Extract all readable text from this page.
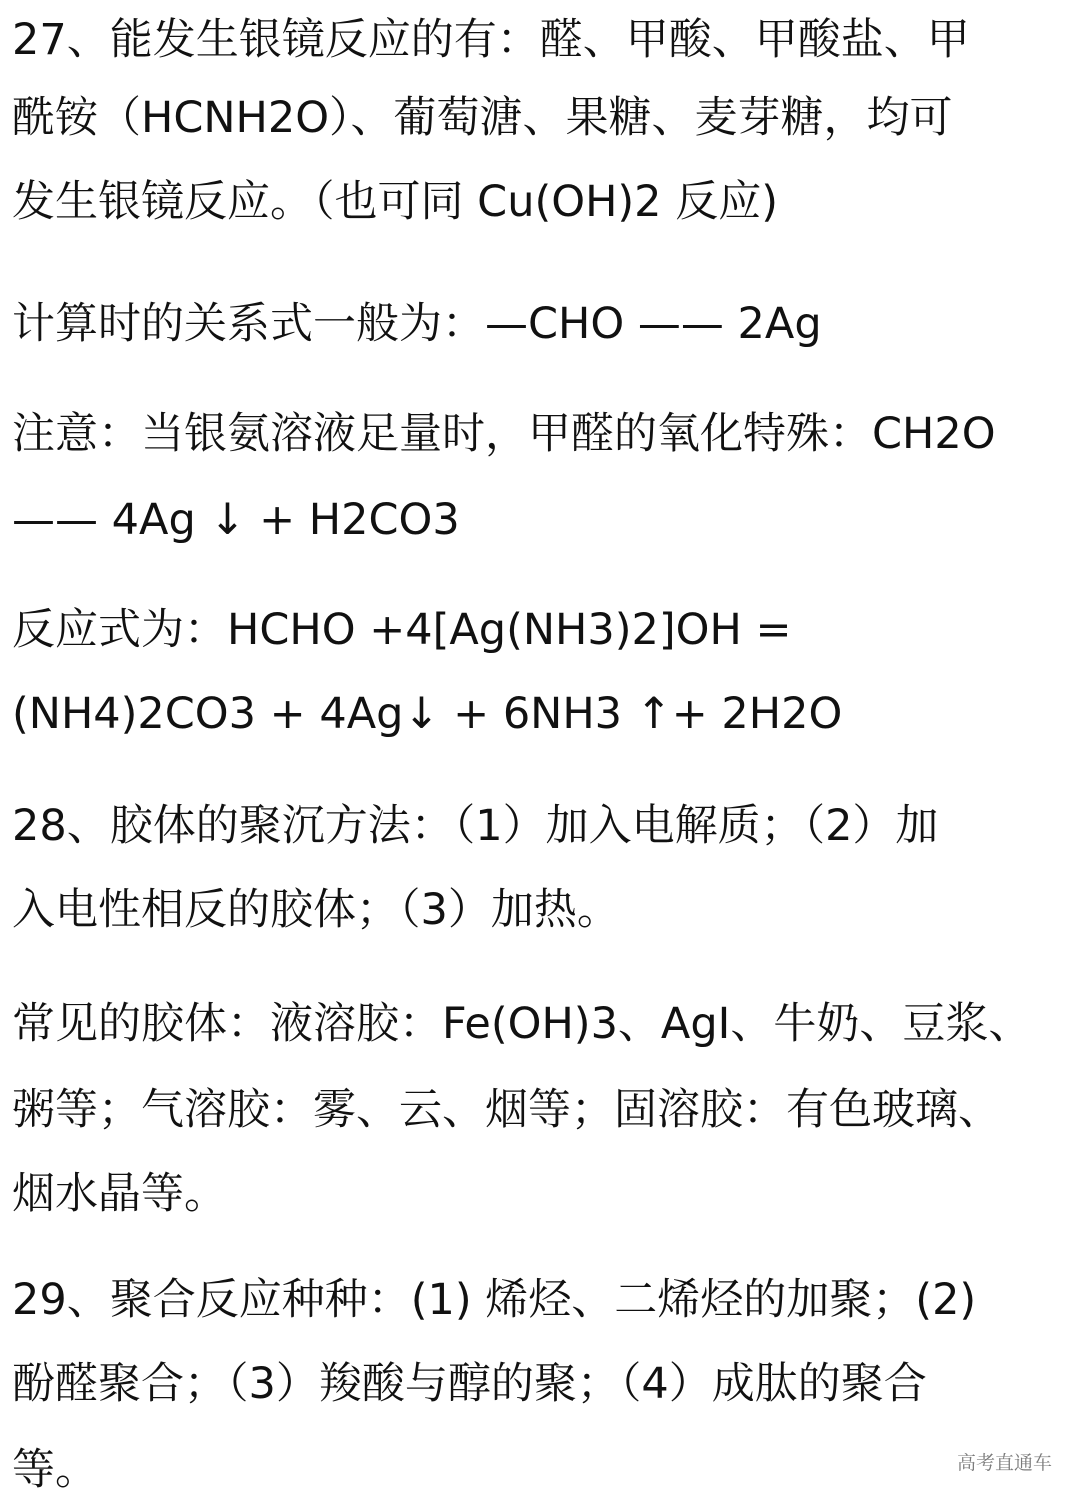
27、能发生银镜反应的有：醛、甲酸、甲酸盐、甲
酰铵（HCNH2O）、葡萄溏、果糖、麦芽糖，均可
发生银镜反应。（也可同 Cu(OH)2 反应)
计算时的关系式一般为：—CHO —— 2Ag
注意：当银氨溶液足量时，甲醛的氧化特殊：CH2O
—— 4Ag ↓ + H2CO3
反应式为：HCHO +4[Ag(NH3)2]OH =
(NH4)2CO3 + 4Ag↓ + 6NH3 ↑+ 2H2O
28、胶体的聚沉方法：（1）加入电解质；（2）加
入电性相反的胶体；（3）加热。
常见的胶体：液溶胶：Fe(OH)3、AgI、牛奶、豆浆、
粥等；气溶胶：雾、云、烟等；固溶胶：有色玻璃、
烟水晶等。
29、聚合反应种种：(1) 烯烃、二烯烃的加聚；(2)
酚醛聚合；（3）羧酸与醇的聚；（4）成肽的聚合
等。	高考直通车
